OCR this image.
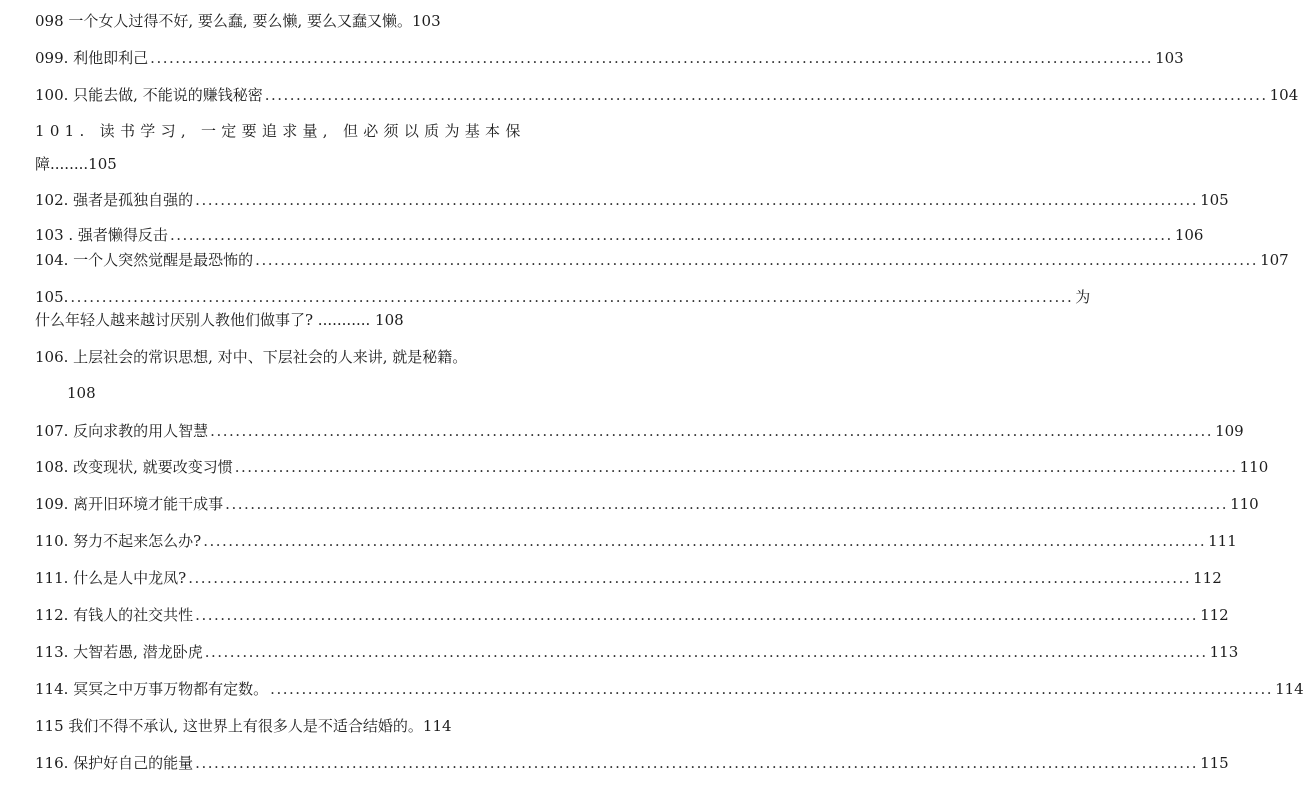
098 一个女人过得不好, 要么蠢, 要么懒, 要么又蠢又懒。103
099. 利他即利己 ................................................................................................................................................................ 103
100. 只能去做, 不能说的赚钱秘密 ................................................................................................................................................................ 104
101. 读书学习, 一定要追求量, 但必须以质为基本保
障........105
102. 强者是孤独自强的 ................................................................................................................................................................ 105
103 . 强者懒得反击 ................................................................................................................................................................ 106
104. 一个人突然觉醒是最恐怖的 ................................................................................................................................................................ 107
105. ................................................................................................................................................................ 为
什么年轻人越来越讨厌别人教他们做事了? ........... 108
106. 上层社会的常识思想, 对中、下层社会的人来讲, 就是秘籍。
108
107. 反向求教的用人智慧 ................................................................................................................................................................ 109
108. 改变现状, 就要改变习惯 ................................................................................................................................................................ 110
109. 离开旧环境才能干成事 ................................................................................................................................................................ 110
110. 努力不起来怎么办? ................................................................................................................................................................ 111
111. 什么是人中龙凤? ................................................................................................................................................................ 112
112. 有钱人的社交共性 ................................................................................................................................................................ 112
113. 大智若愚, 潜龙卧虎 ................................................................................................................................................................ 113
114. 冥冥之中万事万物都有定数。 ................................................................................................................................................................ 114
115 我们不得不承认, 这世界上有很多人是不适合结婚的。114
116. 保护好自己的能量 ................................................................................................................................................................ 115
